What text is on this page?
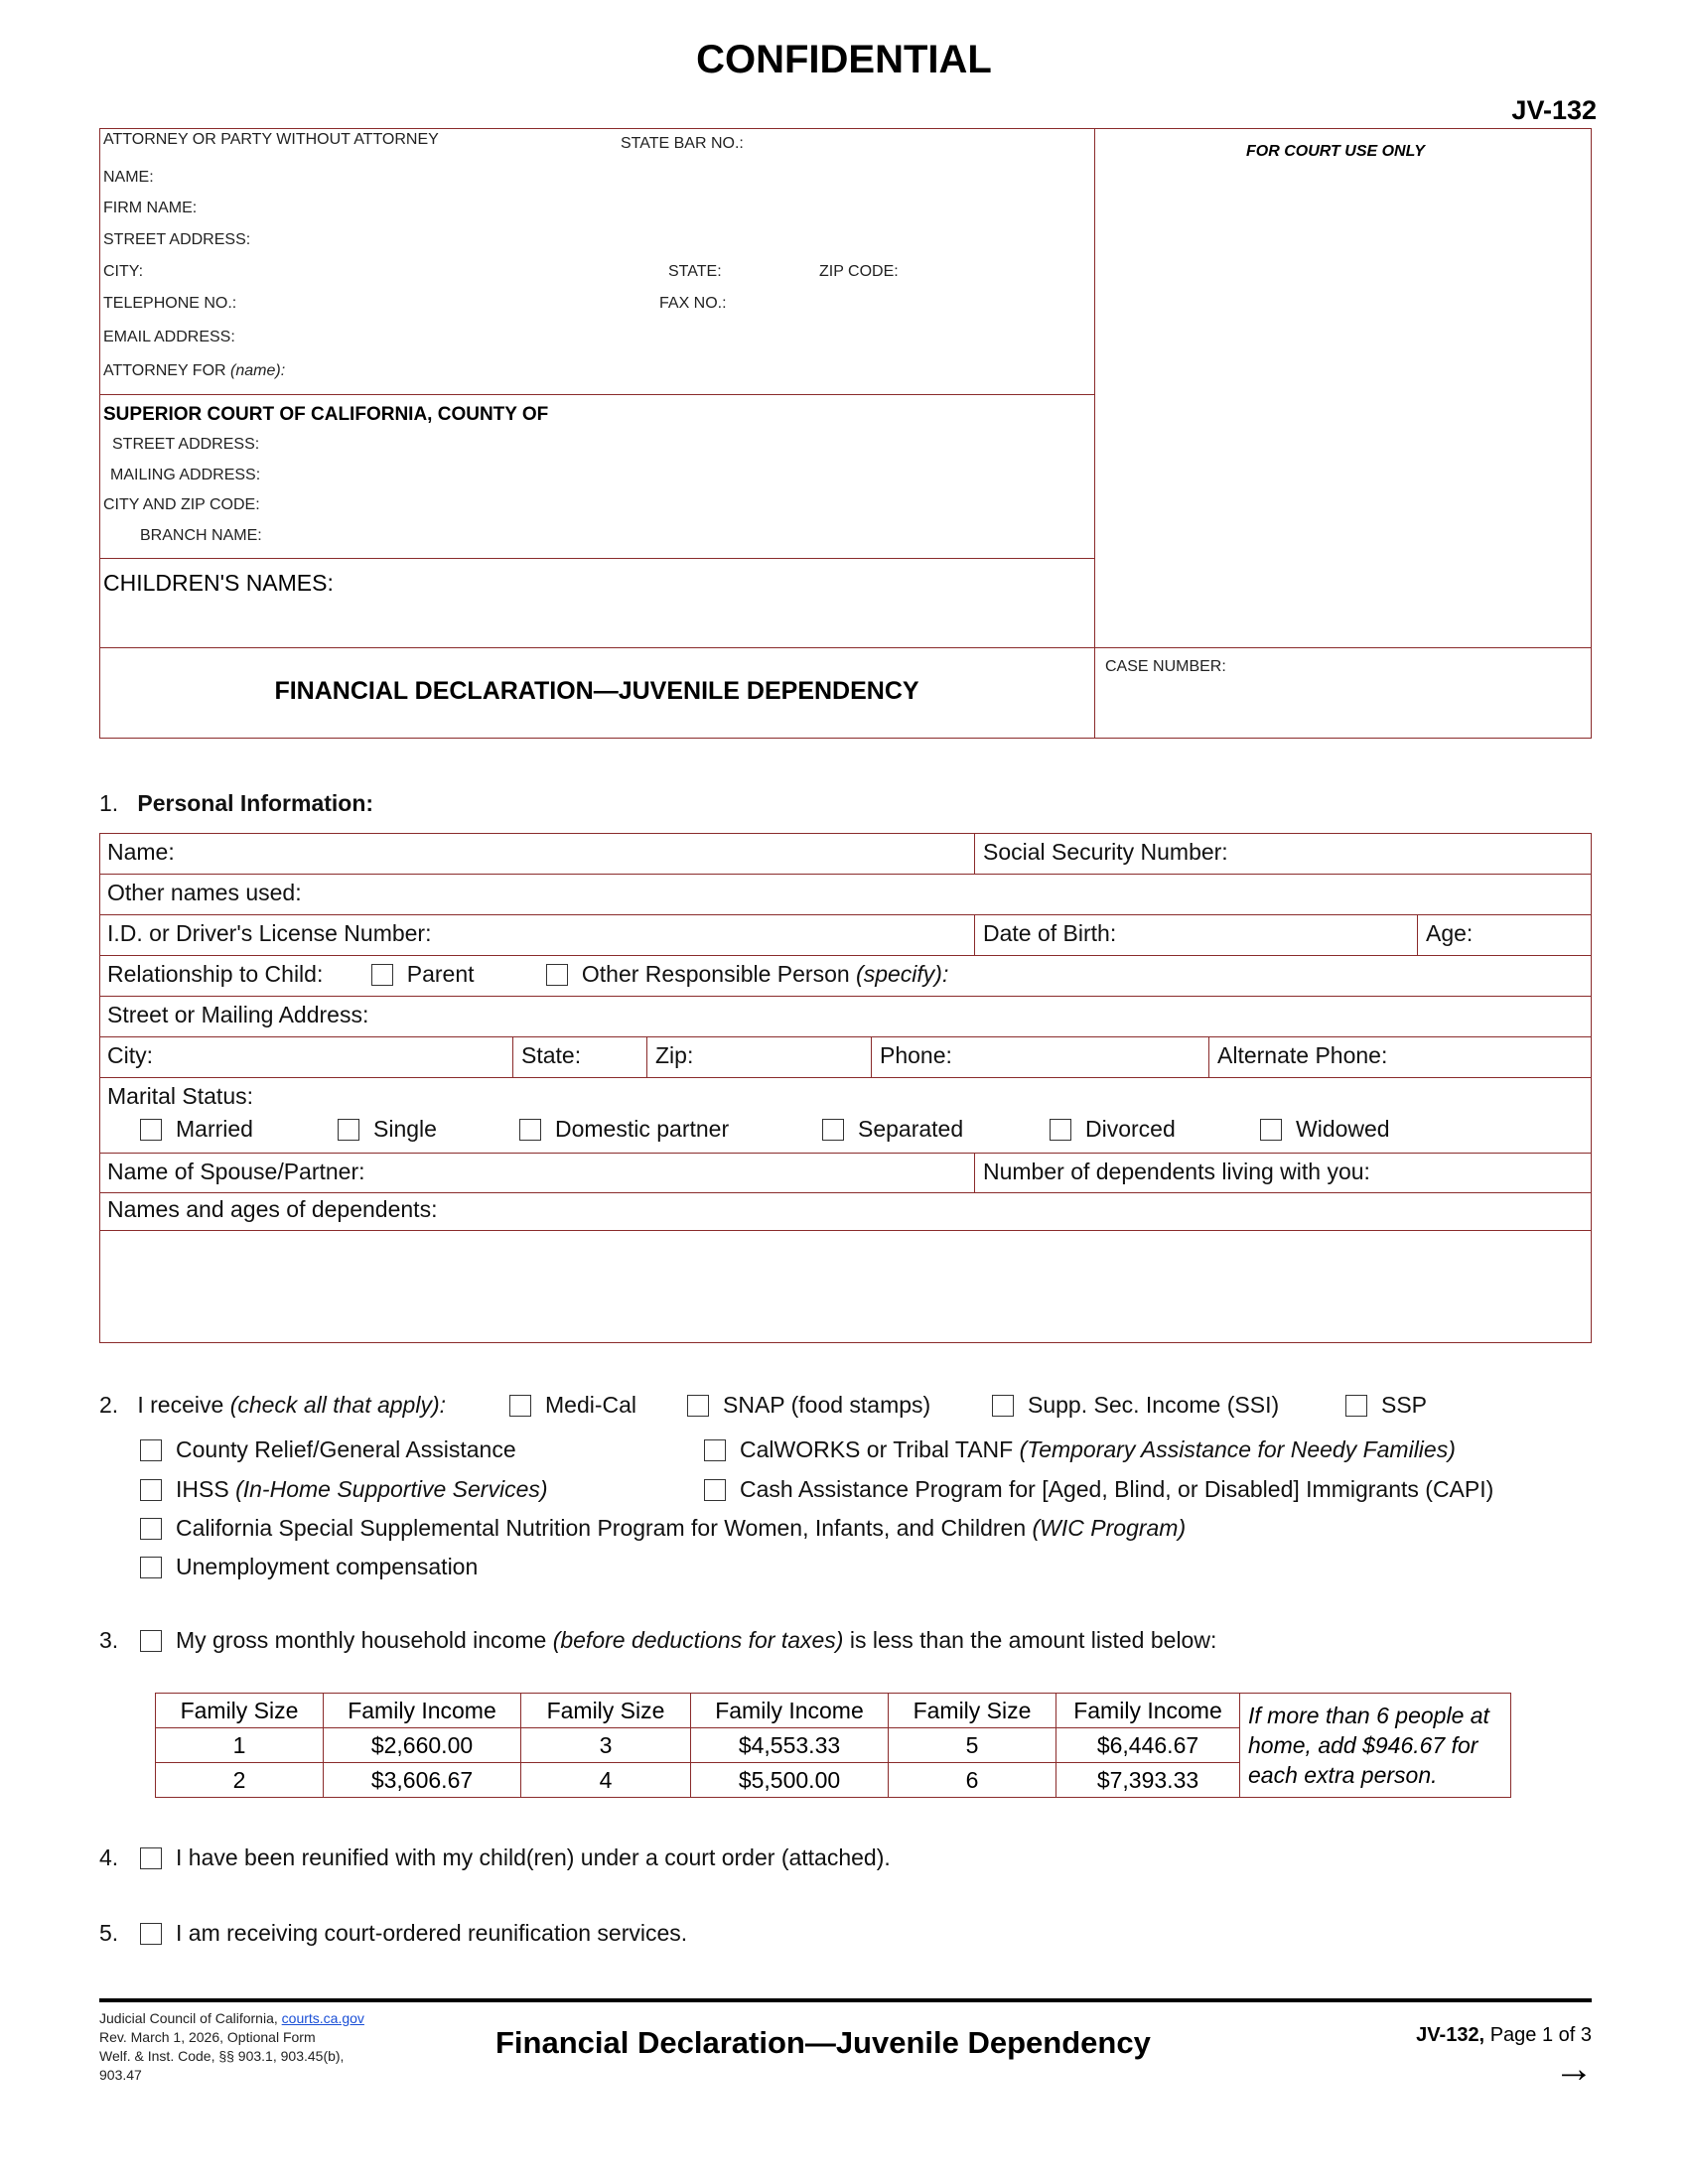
CONFIDENTIAL
JV-132
ATTORNEY OR PARTY WITHOUT ATTORNEY	STATE BAR NO.:
NAME:
FIRM NAME:
STREET ADDRESS:
CITY:	STATE:	ZIP CODE:
TELEPHONE NO.:	FAX NO.:
EMAIL ADDRESS:
ATTORNEY FOR (name):
FOR COURT USE ONLY
SUPERIOR COURT OF CALIFORNIA, COUNTY OF
STREET ADDRESS:
MAILING ADDRESS:
CITY AND ZIP CODE:
BRANCH NAME:
CHILDREN'S NAMES:
FINANCIAL DECLARATION—JUVENILE DEPENDENCY
CASE NUMBER:
1. Personal Information:
Name:	Social Security Number:
Other names used:
I.D. or Driver's License Number:	Date of Birth:	Age:
Relationship to Child:	Parent	Other Responsible Person (specify):
Street or Mailing Address:
City:	State:	Zip:	Phone:	Alternate Phone:
Marital Status:
Married	Single	Domestic partner	Separated	Divorced	Widowed
Name of Spouse/Partner:	Number of dependents living with you:
Names and ages of dependents:
2. I receive (check all that apply):	Medi-Cal	SNAP (food stamps)	Supp. Sec. Income (SSI)	SSP
County Relief/General Assistance	CalWORKS or Tribal TANF (Temporary Assistance for Needy Families)
IHSS (In-Home Supportive Services)	Cash Assistance Program for [Aged, Blind, or Disabled] Immigrants (CAPI)
California Special Supplemental Nutrition Program for Women, Infants, and Children (WIC Program)
Unemployment compensation
3.	My gross monthly household income (before deductions for taxes) is less than the amount listed below:
Family Size	Family Income	Family Size	Family Income	Family Size	Family Income	If more than 6 people at home, add $946.67 for each extra person.
1	$2,660.00	3	$4,553.33	5	$6,446.67	
2	$3,606.67	4	$5,500.00	6	$7,393.33	
4.	I have been reunified with my child(ren) under a court order (attached).
5.	I am receiving court-ordered reunification services.
Judicial Council of California, courts.ca.gov
Rev. March 1, 2026, Optional Form
Welf. & Inst. Code, §§ 903.1, 903.45(b),
903.47
Financial Declaration—Juvenile Dependency	JV-132, Page 1 of 3
→
